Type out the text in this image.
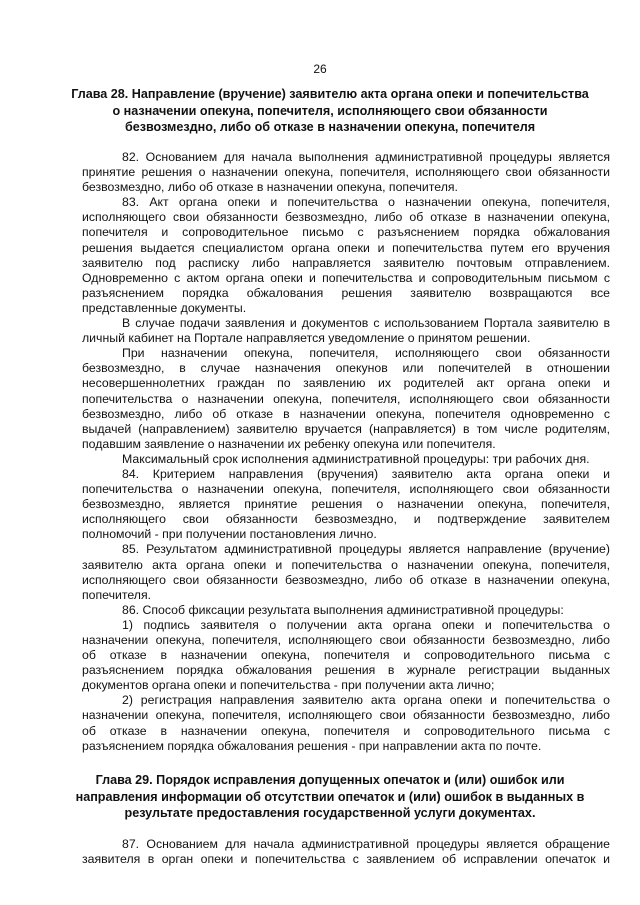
26
Глава 28. Направление (вручение) заявителю акта органа опеки и попечительства
о назначении опекуна, попечителя, исполняющего свои обязанности
безвозмездно, либо об отказе в назначении опекуна, попечителя
82. Основанием для начала выполнения административной процедуры является
принятие решения о назначении опекуна, попечителя, исполняющего свои обязанности
безвозмездно, либо об отказе в назначении опекуна, попечителя.
83. Акт органа опеки и попечительства о назначении опекуна, попечителя,
исполняющего свои обязанности безвозмездно, либо об отказе в назначении опекуна,
попечителя и сопроводительное письмо с разъяснением порядка обжалования
решения выдается специалистом органа опеки и попечительства путем его вручения
заявителю под расписку либо направляется заявителю почтовым отправлением.
Одновременно с актом органа опеки и попечительства и сопроводительным письмом с
разъяснением порядка обжалования решения заявителю возвращаются все
представленные документы.
В случае подачи заявления и документов с использованием Портала заявителю в
личный кабинет на Портале направляется уведомление о принятом решении.
При назначении опекуна, попечителя, исполняющего свои обязанности
безвозмездно, в случае назначения опекунов или попечителей в отношении
несовершеннолетних граждан по заявлению их родителей акт органа опеки и
попечительства о назначении опекуна, попечителя, исполняющего свои обязанности
безвозмездно, либо об отказе в назначении опекуна, попечителя одновременно с
выдачей (направлением) заявителю вручается (направляется) в том числе родителям,
подавшим заявление о назначении их ребенку опекуна или попечителя.
Максимальный срок исполнения административной процедуры: три рабочих дня.
84. Критерием направления (вручения) заявителю акта органа опеки и
попечительства о назначении опекуна, попечителя, исполняющего свои обязанности
безвозмездно, является принятие решения о назначении опекуна, попечителя,
исполняющего свои обязанности безвозмездно, и подтверждение заявителем
полномочий - при получении постановления лично.
85. Результатом административной процедуры является направление (вручение)
заявителю акта органа опеки и попечительства о назначении опекуна, попечителя,
исполняющего свои обязанности безвозмездно, либо об отказе в назначении опекуна,
попечителя.
86. Способ фиксации результата выполнения административной процедуры:
1) подпись заявителя о получении акта органа опеки и попечительства о
назначении опекуна, попечителя, исполняющего свои обязанности безвозмездно, либо
об отказе в назначении опекуна, попечителя и сопроводительного письма с
разъяснением порядка обжалования решения в журнале регистрации выданных
документов органа опеки и попечительства - при получении акта лично;
2) регистрация направления заявителю акта органа опеки и попечительства о
назначении опекуна, попечителя, исполняющего свои обязанности безвозмездно, либо
об отказе в назначении опекуна, попечителя и сопроводительного письма с
разъяснением порядка обжалования решения - при направлении акта по почте.
Глава 29. Порядок исправления допущенных опечаток и (или) ошибок или
направления информации об отсутствии опечаток и (или) ошибок в выданных в
результате предоставления государственной услуги документах.
87. Основанием для начала административной процедуры является обращение
заявителя в орган опеки и попечительства с заявлением об исправлении опечаток и
